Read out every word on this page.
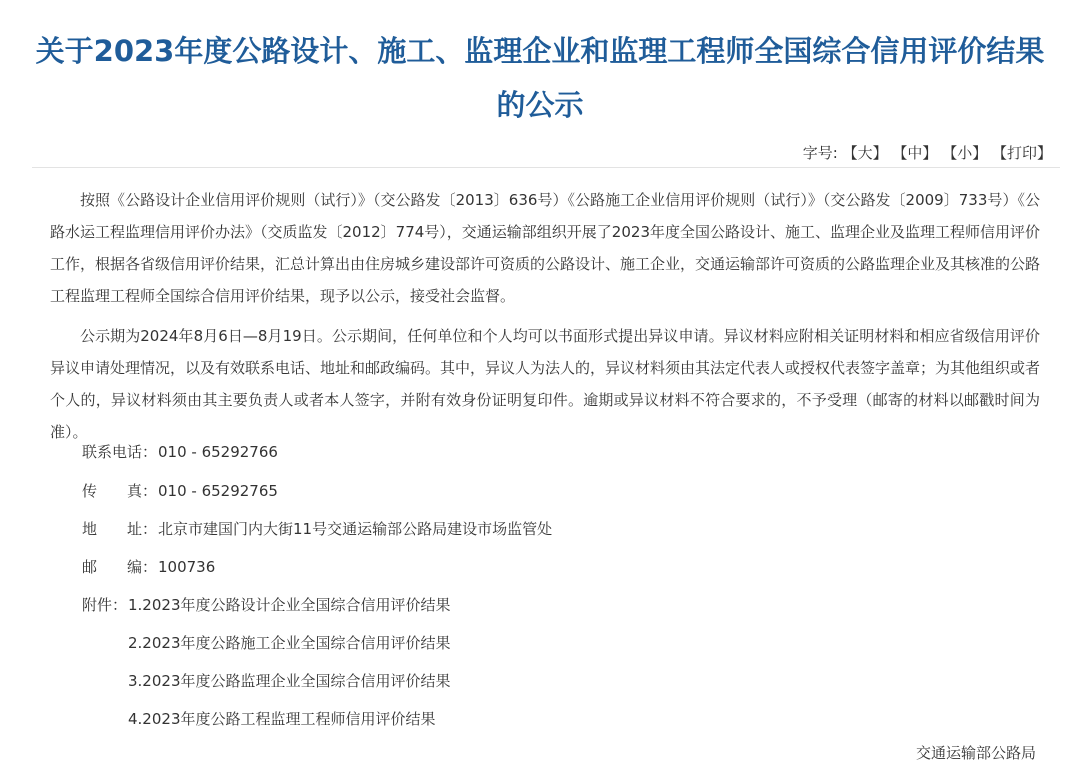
关于2023年度公路设计、施工、监理企业和监理工程师全国综合信用评价结果的公示
字号: 【大】 【中】 【小】 【打印】

按照《公路设计企业信用评价规则（试行）》（交公路发〔2013〕636号）《公路施工企业信用评价规则（试行）》（交公路发〔2009〕733号）《公路水运工程监理信用评价办法》（交质监发〔2012〕774号），交通运输部组织开展了2023年度全国公路设计、施工、监理企业及监理工程师信用评价工作，根据各省级信用评价结果，汇总计算出由住房城乡建设部许可资质的公路设计、施工企业，交通运输部许可资质的公路监理企业及其核准的公路工程监理工程师全国综合信用评价结果，现予以公示，接受社会监督。

公示期为2024年8月6日—8月19日。公示期间，任何单位和个人均可以书面形式提出异议申请。异议材料应附相关证明材料和相应省级信用评价异议申请处理情况，以及有效联系电话、地址和邮政编码。其中，异议人为法人的，异议材料须由其法定代表人或授权代表签字盖章；为其他组织或者个人的，异议材料须由其主要负责人或者本人签字，并附有效身份证明复印件。逾期或异议材料不符合要求的，不予受理（邮寄的材料以邮戳时间为准）。

联系电话：010 - 65292766
传　　真：010 - 65292765
地　　址：北京市建国门内大街11号交通运输部公路局建设市场监管处
邮　　编：100736
附件： 1.2023年度公路设计企业全国综合信用评价结果
2.2023年度公路施工企业全国综合信用评价结果
3.2023年度公路监理企业全国综合信用评价结果
4.2023年度公路工程监理工程师信用评价结果
交通运输部公路局
